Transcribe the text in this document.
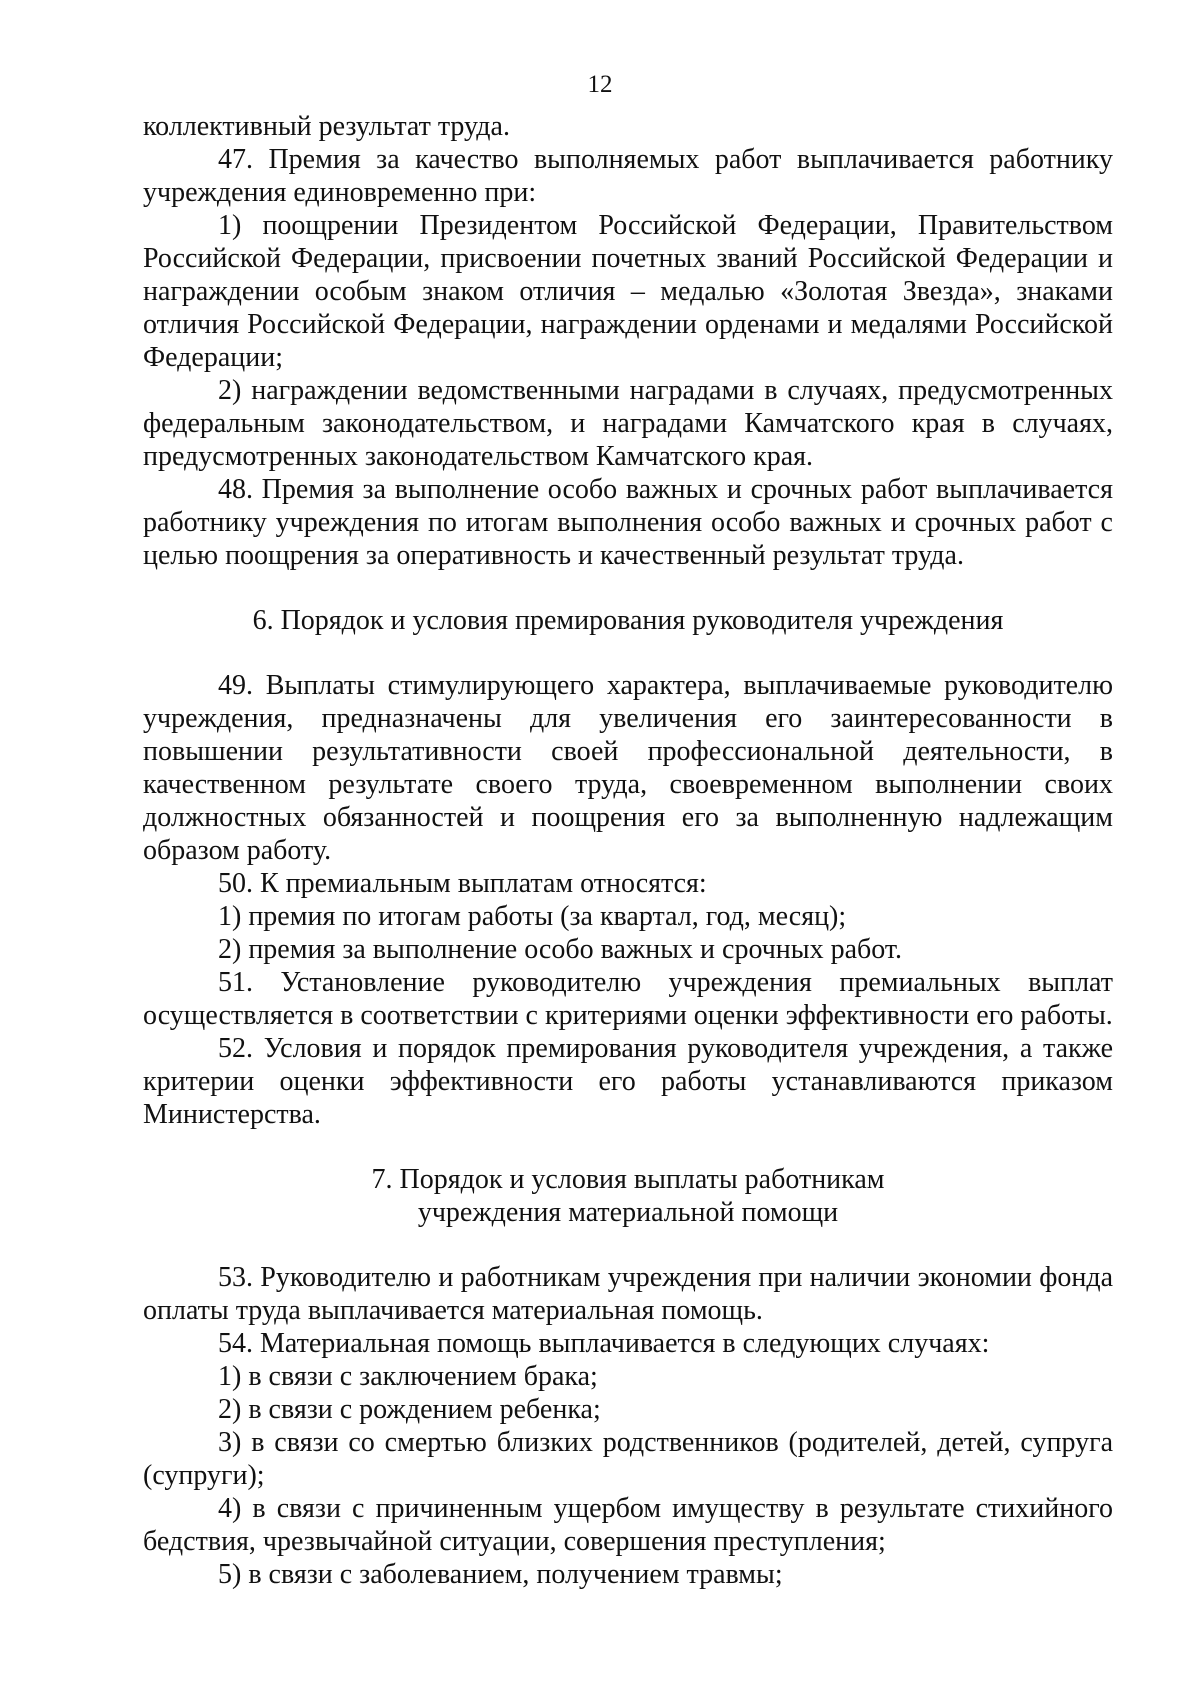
12

коллективный результат труда.

47. Премия за качество выполняемых работ выплачивается работнику учреждения единовременно при:

1) поощрении Президентом Российской Федерации, Правительством Российской Федерации, присвоении почетных званий Российской Федерации и награждении особым знаком отличия – медалью «Золотая Звезда», знаками отличия Российской Федерации, награждении орденами и медалями Российской Федерации;

2) награждении ведомственными наградами в случаях, предусмотренных федеральным законодательством, и наградами Камчатского края в случаях, предусмотренных законодательством Камчатского края.

48. Премия за выполнение особо важных и срочных работ выплачивается работнику учреждения по итогам выполнения особо важных и срочных работ с целью поощрения за оперативность и качественный результат труда.

6. Порядок и условия премирования руководителя учреждения

49. Выплаты стимулирующего характера, выплачиваемые руководителю учреждения, предназначены для увеличения его заинтересованности в повышении результативности своей профессиональной деятельности, в качественном результате своего труда, своевременном выполнении своих должностных обязанностей и поощрения его за выполненную надлежащим образом работу.

50. К премиальным выплатам относятся:

1) премия по итогам работы (за квартал, год, месяц);

2) премия за выполнение особо важных и срочных работ.

51. Установление руководителю учреждения премиальных выплат осуществляется в соответствии с критериями оценки эффективности его работы.

52. Условия и порядок премирования руководителя учреждения, а также критерии оценки эффективности его работы устанавливаются приказом Министерства.

7. Порядок и условия выплаты работникам
учреждения материальной помощи

53. Руководителю и работникам учреждения при наличии экономии фонда оплаты труда выплачивается материальная помощь.

54. Материальная помощь выплачивается в следующих случаях:

1) в связи с заключением брака;

2) в связи с рождением ребенка;

3) в связи со смертью близких родственников (родителей, детей, супруга (супруги);

4) в связи с причиненным ущербом имуществу в результате стихийного бедствия, чрезвычайной ситуации, совершения преступления;

5) в связи с заболеванием, получением травмы;
